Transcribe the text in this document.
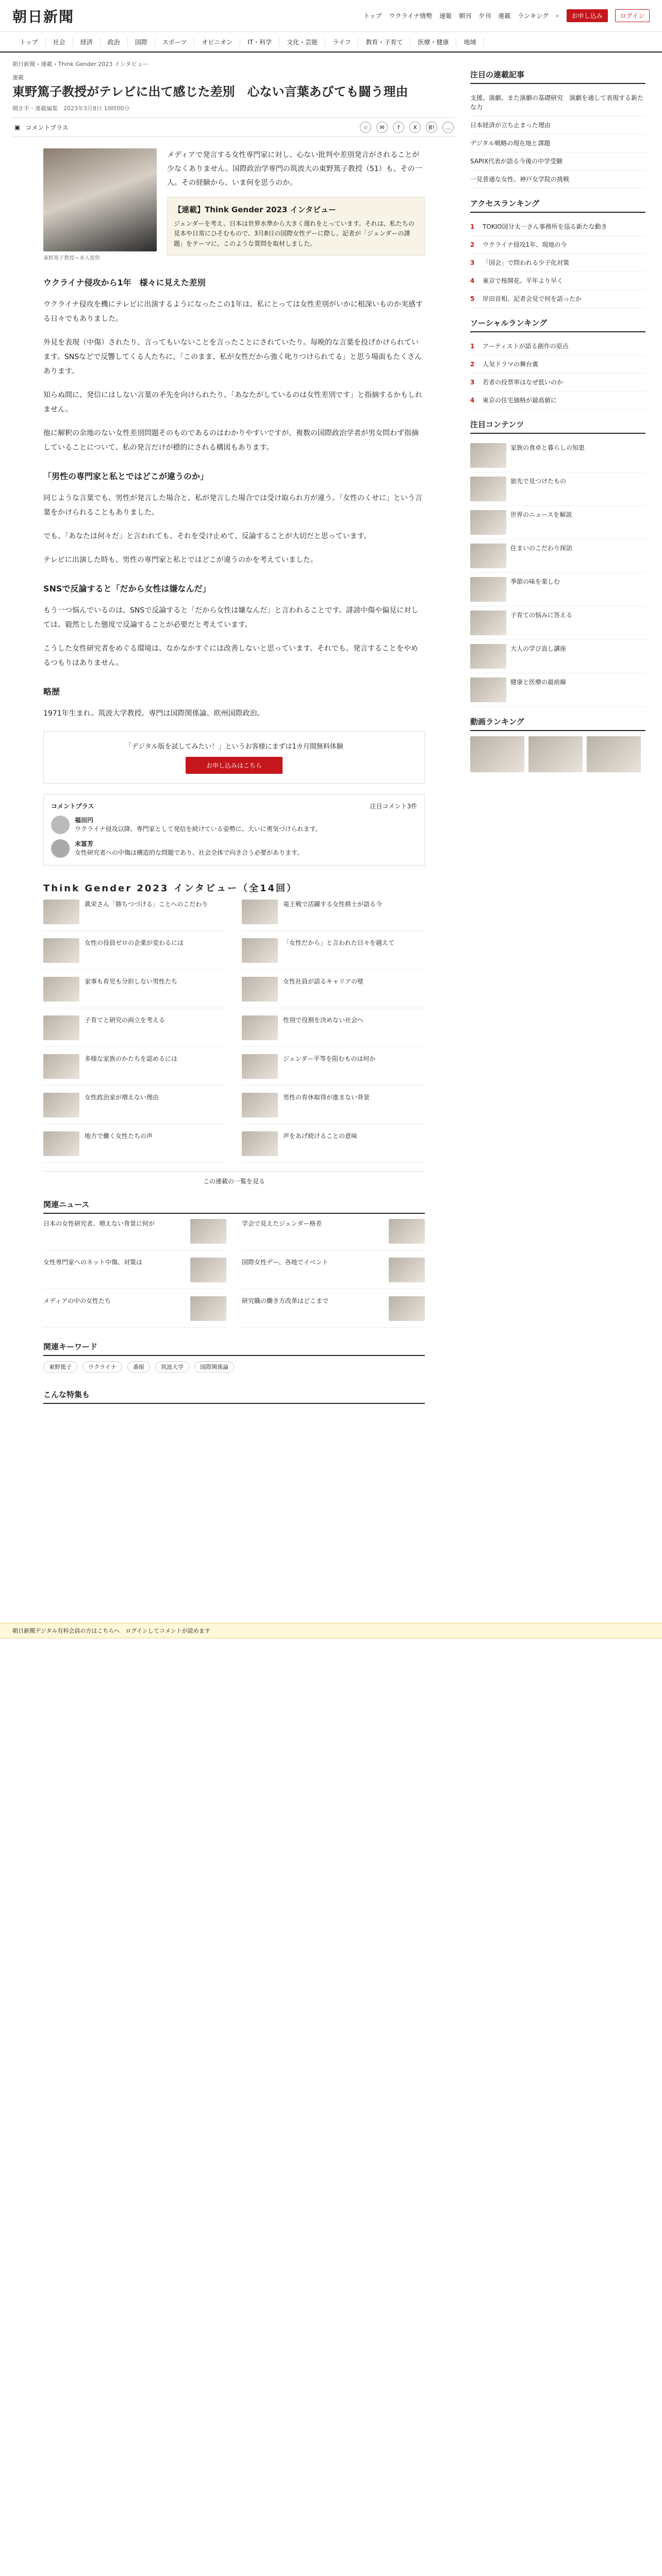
朝日新聞	トップ ウクライナ情勢 速報 朝刊 夕刊 連載 ランキング ⌕	お申し込み	ログイン
トップ	社会	経済	政治	国際	スポーツ	オピニオン	IT・科学	文化・芸能	ライフ	教育・子育て	医療・健康	地域
朝日新聞 › 連載 › Think Gender 2023 インタビュー
連載
東野篤子教授がテレビに出て感じた差別　心ない言葉あびても闘う理由
聞き手・連載編集　2023年3月8日 10時00分
▣ コメントプラス	☆	✉	f	X	B!	…
東野篤子教授＝本人提供

メディアで発言する女性専門家に対し、心ない批判や差別発言がされることが少なくありません。国際政治学専門の筑波大の東野篤子教授（51）も、その一人。その経験から、いま何を思うのか。

【連載】Think Gender 2023 インタビュー
ジェンダーを考え、日本は世界水準から大きく遅れをとっています。それは、私たちの見本や日常にひそむもので、3月8日の国際女性デーに際し、記者が「ジェンダーの課題」をテーマに、このような質問を取材しました。
ウクライナ侵攻から1年　様々に見えた差別

ウクライナ侵攻を機にテレビに出演するようになったこの1年は、私にとっては女性差別がいかに根深いものか実感する日々でもありました。

外見を表現（中傷）されたり、言ってもいないことを言ったことにされていたり。毎晩的な言葉を投げかけられています。SNSなどで反響してくる人たちに、「このまま、私が女性だから強く叱りつけられてる」と思う場面もたくさんあります。

知らぬ間に、発信にはしない言葉の矛先を向けられたり、「あなたがしているのは女性差別です」と指摘するかもしれません。

他に解釈の余地のない女性差別問題そのものであるのはわかりやすいですが、複数の国際政治学者が男女問わず指摘していることについて、私の発言だけが標的にされる構図もあります。

「男性の専門家と私とではどこが違うのか」

同じような言葉でも、男性が発言した場合と、私が発言した場合では受け取られ方が違う。「女性のくせに」という言葉をかけられることもありました。

でも、「あなたは何々だ」と言われても、それを受け止めて、反論することが大切だと思っています。

テレビに出演した時も、男性の専門家と私とではどこが違うのかを考えていました。

SNSで反論すると「だから女性は嫌なんだ」

もう一つ悩んでいるのは、SNSで反論すると「だから女性は嫌なんだ」と言われることです。誹謗中傷や偏見に対しては、毅然とした態度で反論することが必要だと考えています。

こうした女性研究者をめぐる環境は、なかなかすぐには改善しないと思っています。それでも、発言することをやめるつもりはありません。

略歴

1971年生まれ。筑波大学教授。専門は国際関係論、欧州国際政治。

「デジタル版を試してみたい！」というお客様にまずは1カ月間無料体験
お申し込みはこちら
コメントプラス	注目コメント3件
福田円
ウクライナ侵攻以降、専門家として発信を続けている姿勢に、大いに勇気づけられます。
末冨芳
女性研究者への中傷は構造的な問題であり、社会全体で向き合う必要があります。
Think Gender 2023 インタビュー（全14回）
眞栄さん「勝ちつづける」ことへのこだわり	竜王戦で活躍する女性棋士が語る今
女性の役員ゼロの企業が変わるには	「女性だから」と言われた日々を越えて
家事も育児も分担しない男性たち	女性社員が語るキャリアの壁
子育てと研究の両立を考える	性別で役割を決めない社会へ
多様な家族のかたちを認めるには	ジェンダー平等を阻むものは何か
女性政治家が増えない理由	男性の育休取得が進まない背景
地方で働く女性たちの声	声をあげ続けることの意味
この連載の一覧を見る
関連ニュース
日本の女性研究者、増えない背景に何が	学会で見えたジェンダー格差
女性専門家へのネット中傷、対策は	国際女性デー、各地でイベント
メディアの中の女性たち	研究職の働き方改革はどこまで
関連キーワード
東野篤子	ウクライナ	番組	筑波大学	国際関係論
こんな特集も
注目の連載記事
支援、演劇、また演劇の基礎研究　演劇を通して表現する新たな力
日本経済が立ち止まった理由
デジタル戦略の現在地と課題
SAPIX代表が語る今後の中学受験
一見普通な女性、神戸女学院の挑戦
アクセスランキング
1	TOKIO国分太一さん事務所を巡る新たな動き
2	ウクライナ侵攻1年、現地の今
3	「国会」で問われる少子化対策
4	東京で桜開花、平年より早く
5	岸田首相、記者会見で何を語ったか
ソーシャルランキング
1	アーティストが語る創作の原点
2	人気ドラマの舞台裏
3	若者の投票率はなぜ低いのか
4	東京の住宅価格が最高値に
注目コンテンツ
家族の食卓と暮らしの知恵
旅先で見つけたもの
世界のニュースを解説
住まいのこだわり探訪
季節の味を楽しむ
子育ての悩みに答える
大人の学び直し講座
健康と医療の最前線
動画ランキング
朝日新聞デジタル有料会員の方はこちらへ　ログインしてコメントが読めます
